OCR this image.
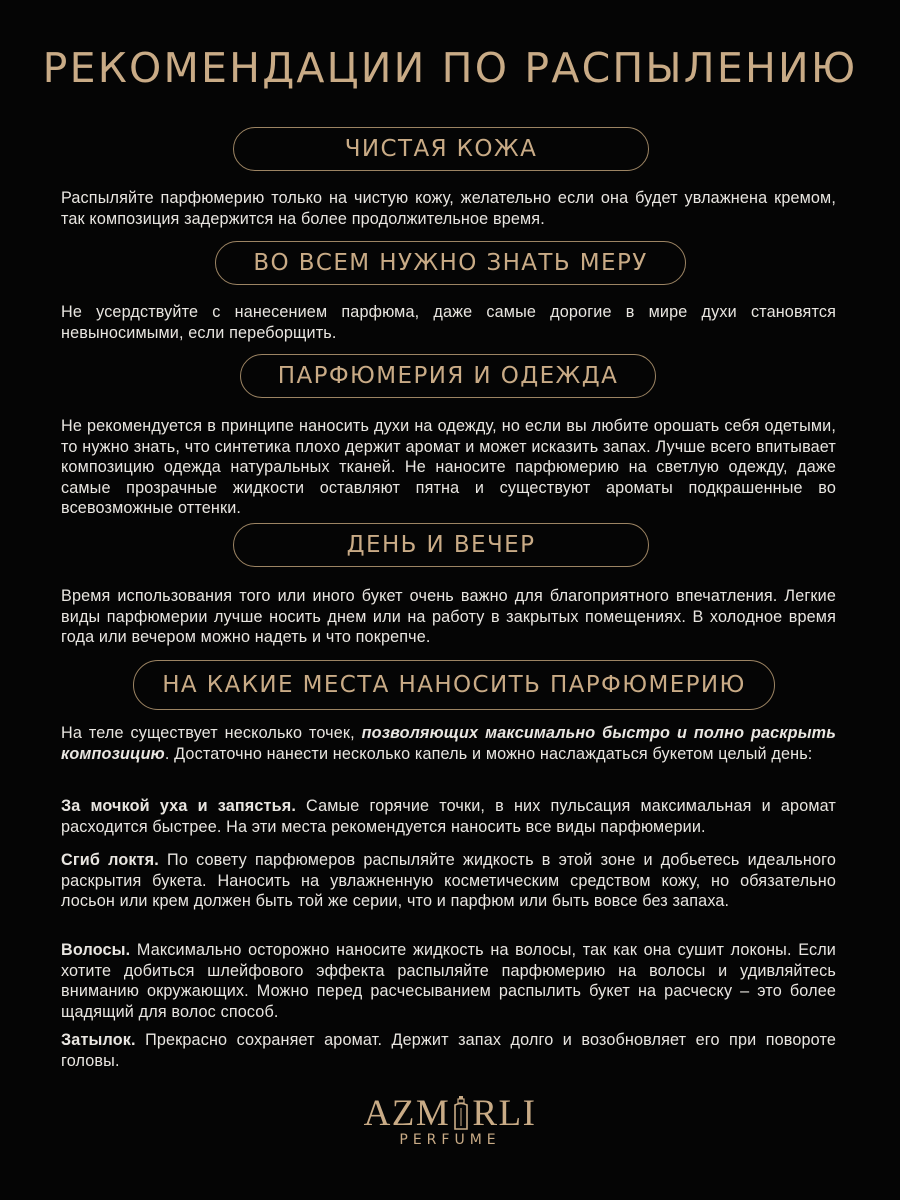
РЕКОМЕНДАЦИИ ПО РАСПЫЛЕНИЮ
ЧИСТАЯ КОЖА

Распыляйте парфюмерию только на чистую кожу, желательно если она будет увлажнена кремом, так композиция задержится на более продолжительное время.

ВО ВСЕМ НУЖНО ЗНАТЬ МЕРУ

Не усердствуйте с нанесением парфюма, даже самые дорогие в мире духи становятся невыносимыми, если переборщить.

ПАРФЮМЕРИЯ И ОДЕЖДА

Не рекомендуется в принципе наносить духи на одежду, но если вы любите орошать себя одетыми, то нужно знать, что синтетика плохо держит аромат и может исказить запах. Лучше всего впитывает композицию одежда натуральных тканей. Не наносите парфюмерию на светлую одежду, даже самые прозрачные жидкости оставляют пятна и существуют ароматы подкрашенные во всевозможные оттенки.

ДЕНЬ И ВЕЧЕР

Время использования того или иного букет очень важно для благоприятного впечатления. Легкие виды парфюмерии лучше носить днем или на работу в закрытых помещениях. В холодное время года или вечером можно надеть и что покрепче.

НА КАКИЕ МЕСТА НАНОСИТЬ ПАРФЮМЕРИЮ

На теле существует несколько точек, позволяющих максимально быстро и полно раскрыть композицию. Достаточно нанести несколько капель и можно наслаждаться букетом целый день:

За мочкой уха и запястья. Самые горячие точки, в них пульсация максимальная и аромат расходится быстрее. На эти места рекомендуется наносить все виды парфюмерии.

Сгиб локтя. По совету парфюмеров распыляйте жидкость в этой зоне и добьетесь идеального раскрытия букета. Наносить на увлажненную косметическим средством кожу, но обязательно лосьон или крем должен быть той же серии, что и парфюм или быть вовсе без запаха.

Волосы. Максимально осторожно наносите жидкость на волосы, так как она сушит локоны. Если хотите добиться шлейфового эффекта распыляйте парфюмерию на волосы и удивляйтесь вниманию окружающих. Можно перед расчесыванием распылить букет на расческу – это более щадящий для волос способ.

Затылок. Прекрасно сохраняет аромат. Держит запах долго и возобновляет его при повороте головы.

AZM RLI
PERFUME
